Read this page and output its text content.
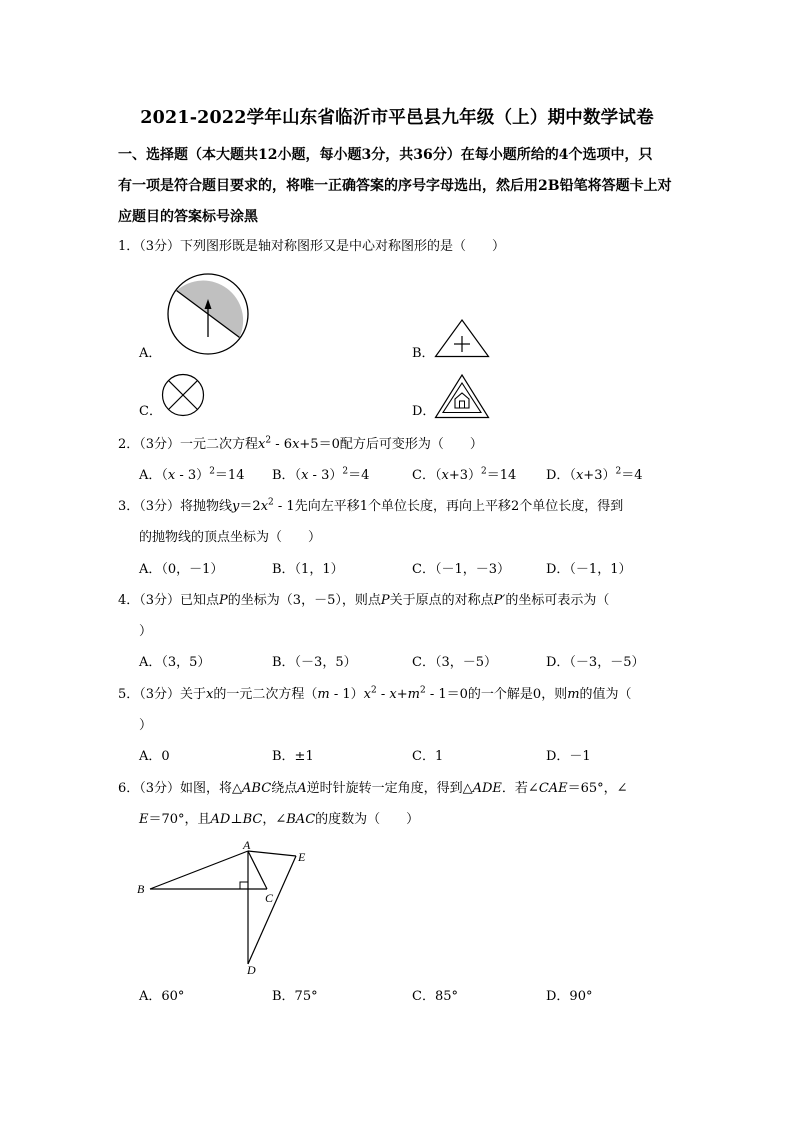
2021-2022学年山东省临沂市平邑县九年级（上）期中数学试卷
一、选择题（本大题共12小题，每小题3分，共36分）在每小题所给的4个选项中，只
有一项是符合题目要求的，将唯一正确答案的序号字母选出，然后用2B铅笔将答题卡上对
应题目的答案标号涂黑
1．（3分）下列图形既是轴对称图形又是中心对称图形的是（　　）
A．	B．
C．	D．
2．（3分）一元二次方程$x^2 - 6x+5=0$配方后可变形为（　　）
A．（x - 3）$^2$＝14 B．（x - 3）$^2$＝4	C．$(x+3)^2=14$ D．$(x+3)^2=4$
3．（3分）将抛物线$y=2x^2 - 1$先向左平移1个单位长度，再向上平移2个单位长度，得到
的抛物线的顶点坐标为（　　）
A．（0，－1）	B．（1，1）	C．（－1，－3）	D．（－1，1）
4．（3分）已知点P的坐标为（3，－5），则点P关于原点的对称点P′的坐标可表示为（
）
A．（3，5）	B．（－3，5）	C．（3，－5）	D．（－3，－5）
5．（3分）关于x的一元二次方程$(m - 1)x^2 - x+m^2 - 1=0$的一个解是0，则m的值为（
）
A．0	B．±1	C．1	D．－1
6．（3分）如图，将△ABC绕点A逆时针旋转一定角度，得到△ADE．若∠CAE＝65°，∠
E＝70°，且AD⊥BC，∠BAC的度数为（　　）
A
B
C
D
E
A．60°	B．75°	C．85°	D．90°
